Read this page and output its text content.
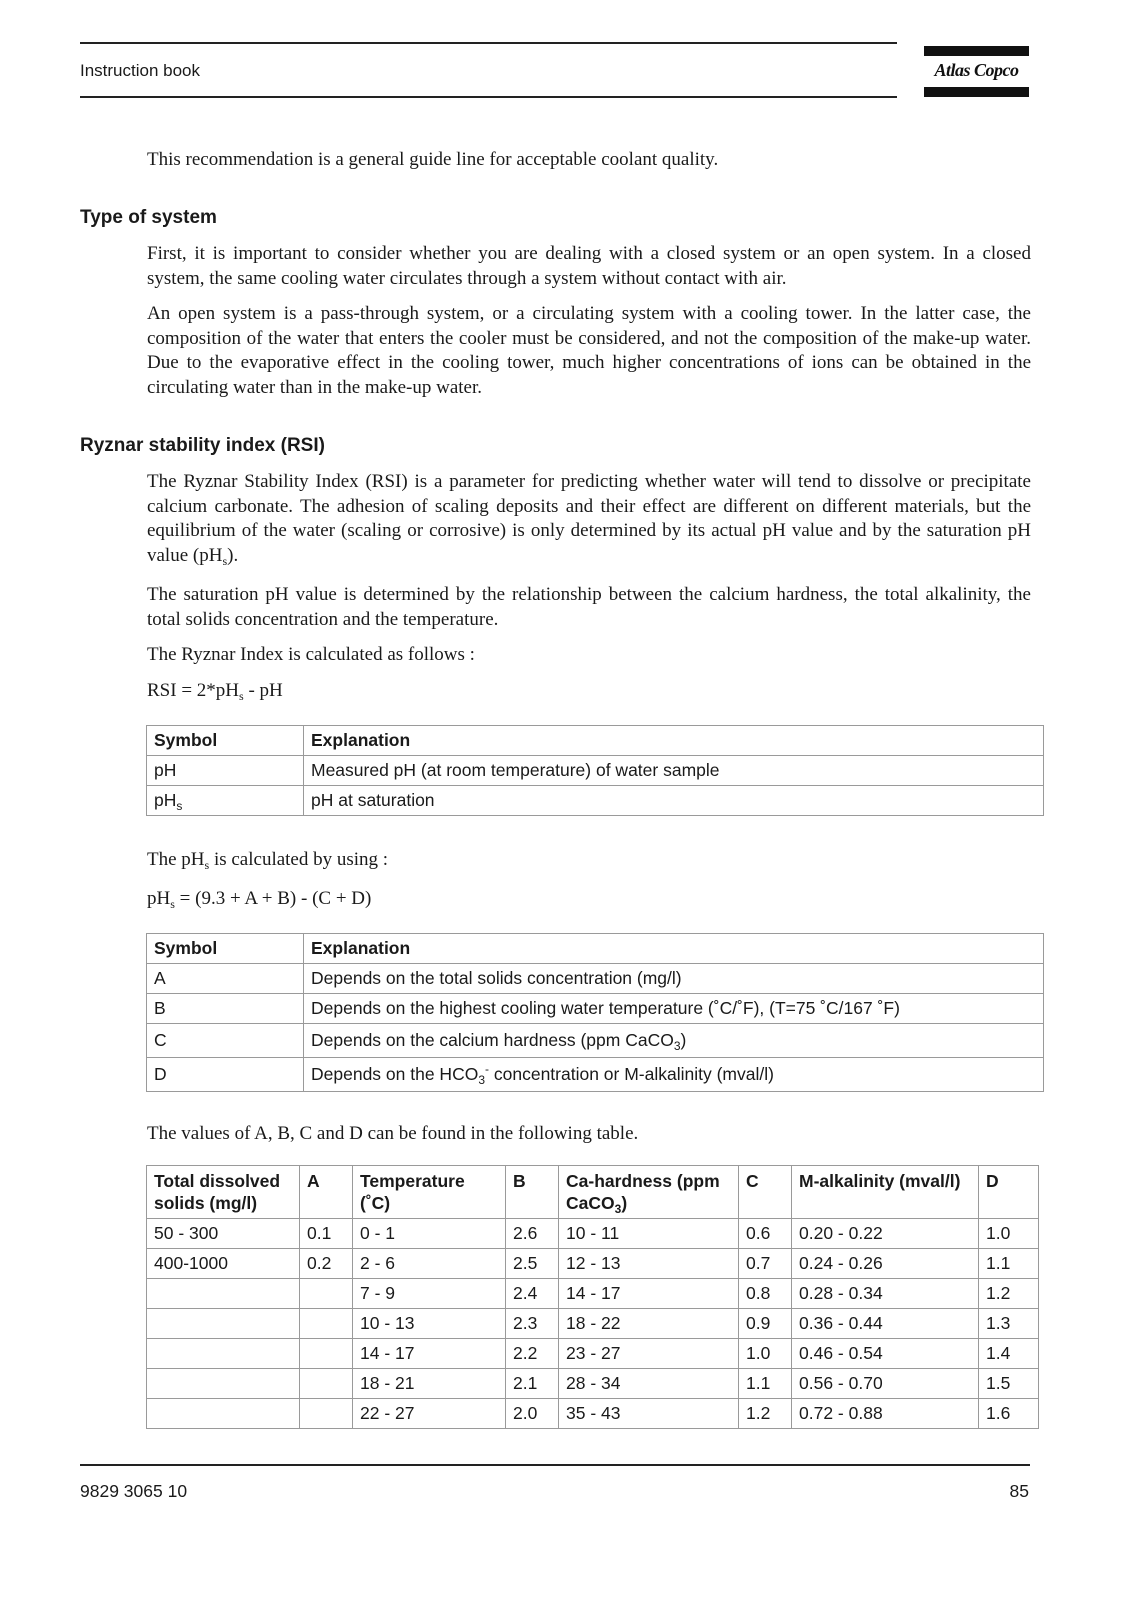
Instruction book	Atlas Copco
This recommendation is a general guide line for acceptable coolant quality.
Type of system
First, it is important to consider whether you are dealing with a closed system or an open system. In a closed system, the same cooling water circulates through a system without contact with air.
An open system is a pass-through system, or a circulating system with a cooling tower. In the latter case, the composition of the water that enters the cooler must be considered, and not the composition of the make-up water. Due to the evaporative effect in the cooling tower, much higher concentrations of ions can be obtained in the circulating water than in the make-up water.
Ryznar stability index (RSI)
The Ryznar Stability Index (RSI) is a parameter for predicting whether water will tend to dissolve or precipitate calcium carbonate. The adhesion of scaling deposits and their effect are different on different materials, but the equilibrium of the water (scaling or corrosive) is only determined by its actual pH value and by the saturation pH value $(pH_s)$.
The saturation pH value is determined by the relationship between the calcium hardness, the total alkalinity, the total solids concentration and the temperature.
The Ryznar Index is calculated as follows :
RSI = $2*pH_s$ - pH
Symbol	Explanation
pH	Measured pH (at room temperature) of water sample
$pH_s$	pH at saturation
The $pH_s$ is calculated by using :
$pH_s = (9.3 + A + B) - (C + D)$
Symbol	Explanation
A	Depends on the total solids concentration (mg/l)
B	Depends on the highest cooling water temperature (˚C/˚F), (T=75 ˚C/167 ˚F)
C	Depends on the calcium hardness (ppm CaCO$_3$)
D	Depends on the $HCO_3^-$ concentration or M-alkalinity (mval/l)
The values of A, B, C and D can be found in the following table.
Total dissolved solids (mg/l)	A	Temperature (˚C)	B	Ca-hardness (ppm CaCO$_3$)	C	M-alkalinity (mval/l)	D
50 - 300	0.1	0 - 1	2.6	10 - 11	0.6	0.20 - 0.22	1.0
400-1000	0.2	2 - 6	2.5	12 - 13	0.7	0.24 - 0.26	1.1
		7 - 9	2.4	14 - 17	0.8	0.28 - 0.34	1.2
		10 - 13	2.3	18 - 22	0.9	0.36 - 0.44	1.3
		14 - 17	2.2	23 - 27	1.0	0.46 - 0.54	1.4
		18 - 21	2.1	28 - 34	1.1	0.56 - 0.70	1.5
		22 - 27	2.0	35 - 43	1.2	0.72 - 0.88	1.6
9829 3065 10	85
